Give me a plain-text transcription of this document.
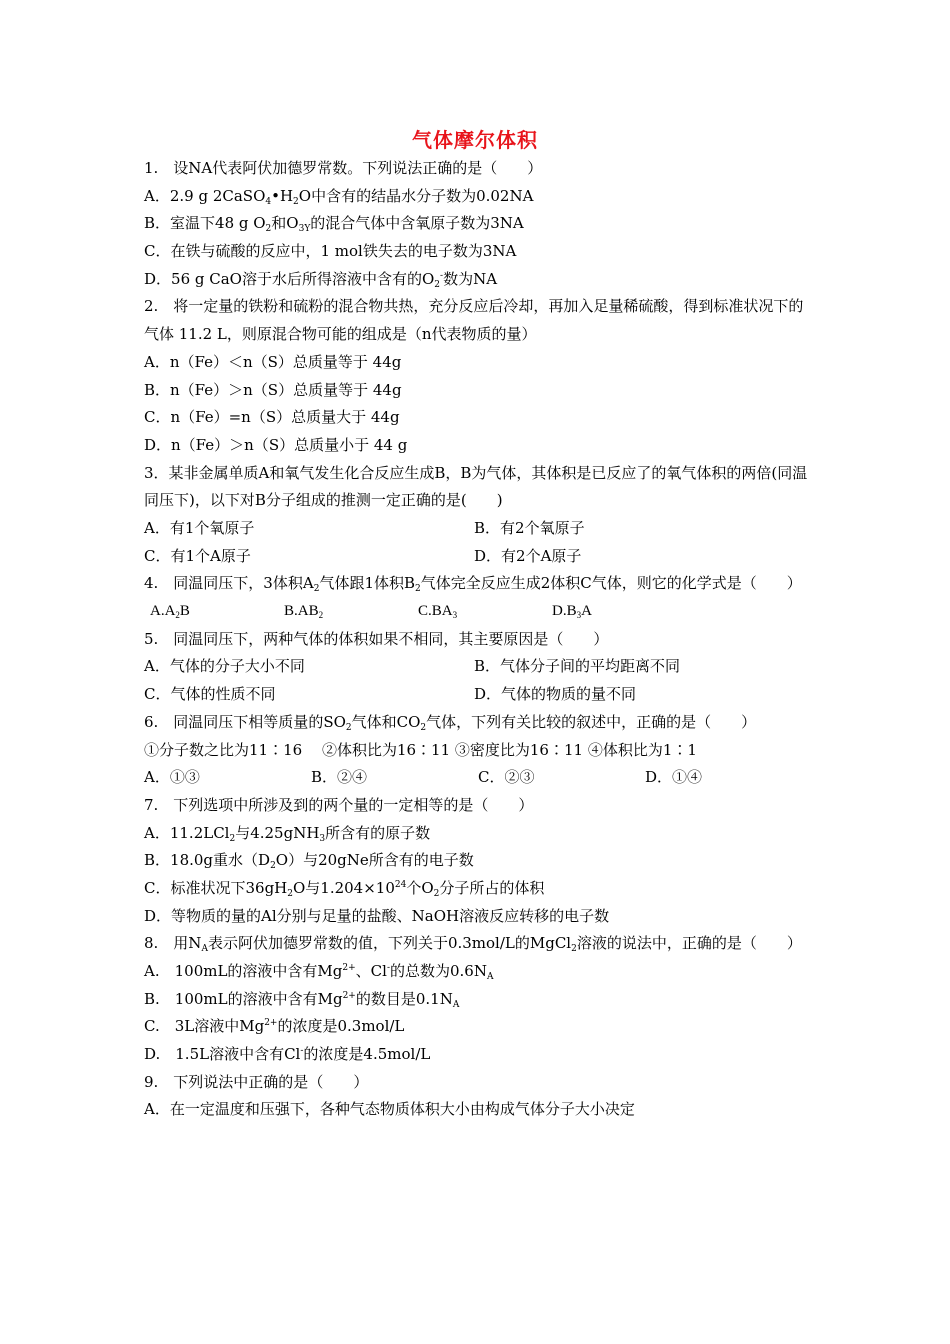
气体摩尔体积
1.　设NA代表阿伏加德罗常数。下列说法正确的是（　　）
A．2.9 g $2CaSO_4•H_2O$中含有的结晶水分子数为0.02NA
B．室温下48 g $O_2$和$O_{3Y}$的混合气体中含氧原子数为3NA
C．在铁与硫酸的反应中，1 mol铁失去的电子数为3NA
D．56 g CaO溶于水后所得溶液中含有的$O_2^-$数为NA
2.　将一定量的铁粉和硫粉的混合物共热，充分反应后冷却，再加入足量稀硫酸，得到标准状况下的气体 11.2 L，则原混合物可能的组成是（n代表物质的量）
A．n（Fe）＜n（S）总质量等于 44g
B．n（Fe）＞n（S）总质量等于 44g
C．n（Fe）=n（S）总质量大于 44g
D．n（Fe）＞n（S）总质量小于 44 g
3．某非金属单质A和氧气发生化合反应生成B，B为气体，其体积是已反应了的氧气体积的两倍(同温同压下)，以下对B分子组成的推测一定正确的是(　　)
A．有1个氧原子	B．有2个氧原子
C．有1个A原子	D．有2个A原子
4.　同温同压下，3体积$A_2$气体跟1体积$B_2$气体完全反应生成2体积C气体，则它的化学式是（　　）
$A.A_2B$	$B.AB_2$	$C.BA_3$	$D.B_3A$
5.　同温同压下，两种气体的体积如果不相同，其主要原因是（　　）
A．气体的分子大小不同	B．气体分子间的平均距离不同
C．气体的性质不同	D．气体的物质的量不同
6.　同温同压下相等质量的$SO_2$气体和$CO_2$气体，下列有关比较的叙述中，正确的是（　　）
①分子数之比为11∶16　 ②体积比为16∶11 ③密度比为16∶11 ④体积比为1∶1
A．①③	B．②④	C．②③	D．①④
7.　下列选项中所涉及到的两个量的一定相等的是（　　）
A．11.2LCl$_2$与4.25gNH$_3$所含有的原子数
B．18.0g重水$(D_2O)$与20gNe所含有的电子数
C．标准状况下$36gH_2O$与$1.204\times 10^{24}$个$O_2$分子所占的体积
D．等物质的量的Al分别与足量的盐酸、NaOH溶液反应转移的电子数
8.　用$N_A$表示阿伏加德罗常数的值，下列关于0.3mol/L的MgCl$_2$溶液的说法中，正确的是（　　）
A.　100mL的溶液中含有$Mg^{2+}$、Cl-的总数为$0.6N_A$
B.　100mL的溶液中含有$Mg^{2+}$的数目是$0.1N_A$
C.　3L溶液中$Mg^{2+}$的浓度是0.3mol/L
D.　1.5L溶液中含有Cl-的浓度是4.5mol/L
9.　下列说法中正确的是（　　）
A．在一定温度和压强下，各种气态物质体积大小由构成气体分子大小决定
